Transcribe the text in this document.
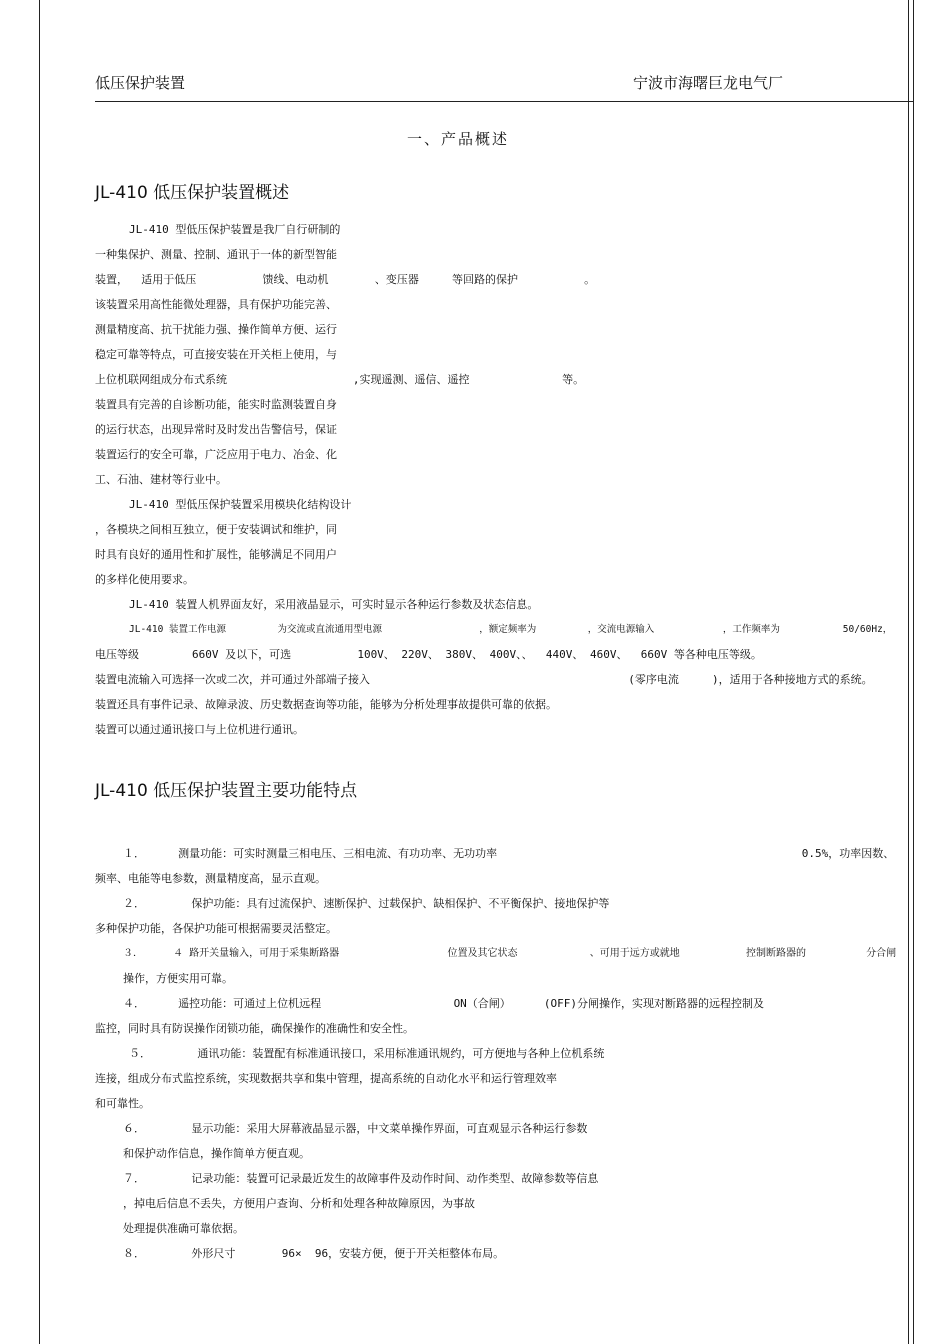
低压保护装置	宁波市海曙巨龙电气厂
一、产品概述
JL-410 低压保护装置概述
JL-410 型低压保护装置是我厂自行研制的
一种集保护、测量、控制、通讯于一体的新型智能
装置，  适用于低压          馈线、电动机       、变压器     等回路的保护          。
该装置采用高性能微处理器，具有保护功能完善、
测量精度高、抗干扰能力强、操作简单方便、运行
稳定可靠等特点，可直接安装在开关柜上使用，与
上位机联网组成分布式系统                   ,实现遥测、遥信、遥控              等。
装置具有完善的自诊断功能，能实时监测装置自身
的运行状态，出现异常时及时发出告警信号，保证
装置运行的安全可靠，广泛应用于电力、冶金、化
工、石油、建材等行业中。
JL-410 型低压保护装置采用模块化结构设计
，各模块之间相互独立，便于安装调试和维护，同
时具有良好的通用性和扩展性，能够满足不同用户
的多样化使用要求。
JL-410 装置人机界面友好，采用液晶显示，可实时显示各种运行参数及状态信息。
JL-410 装置工作电源         为交流或直流通用型电源                 ，额定频率为         ，交流电源输入            ，工作频率为           50/60Hz，
电压等级        660V 及以下，可选          100V、 220V、 380V、 400V、、  440V、 460V、  660V 等各种电压等级。
装置电流输入可选择一次或二次，并可通过外部端子接入                                       (零序电流     )，适用于各种接地方式的系统。
装置还具有事件记录、故障录波、历史数据查询等功能，能够为分析处理事故提供可靠的依据。
装置可以通过通讯接口与上位机进行通讯。
JL-410 低压保护装置主要功能特点
１．     测量功能：可实时测量三相电压、三相电流、有功功率、无功功率                                              0.5%，功率因数、
频率、电能等电参数，测量精度高，显示直观。
２．       保护功能：具有过流保护、速断保护、过载保护、缺相保护、不平衡保护、接地保护等
多种保护功能，各保护功能可根据需要灵活整定。
３．     ４ 路开关量输入，可用于采集断路器                  位置及其它状态            、可用于远方或就地           控制断路器的          分合闸
操作，方便实用可靠。
４．     遥控功能：可通过上位机远程                    ON（合闸）     (OFF)分闸操作，实现对断路器的远程控制及
监控，同时具有防误操作闭锁功能，确保操作的准确性和安全性。
５．       通讯功能：装置配有标准通讯接口，采用标准通讯规约，可方便地与各种上位机系统
连接，组成分布式监控系统，实现数据共享和集中管理，提高系统的自动化水平和运行管理效率
和可靠性。
６．       显示功能：采用大屏幕液晶显示器，中文菜单操作界面，可直观显示各种运行参数
和保护动作信息，操作简单方便直观。
７．       记录功能：装置可记录最近发生的故障事件及动作时间、动作类型、故障参数等信息
，掉电后信息不丢失，方便用户查询、分析和处理各种故障原因，为事故
处理提供准确可靠依据。
８．       外形尺寸       96×  96，安装方便，便于开关柜整体布局。
